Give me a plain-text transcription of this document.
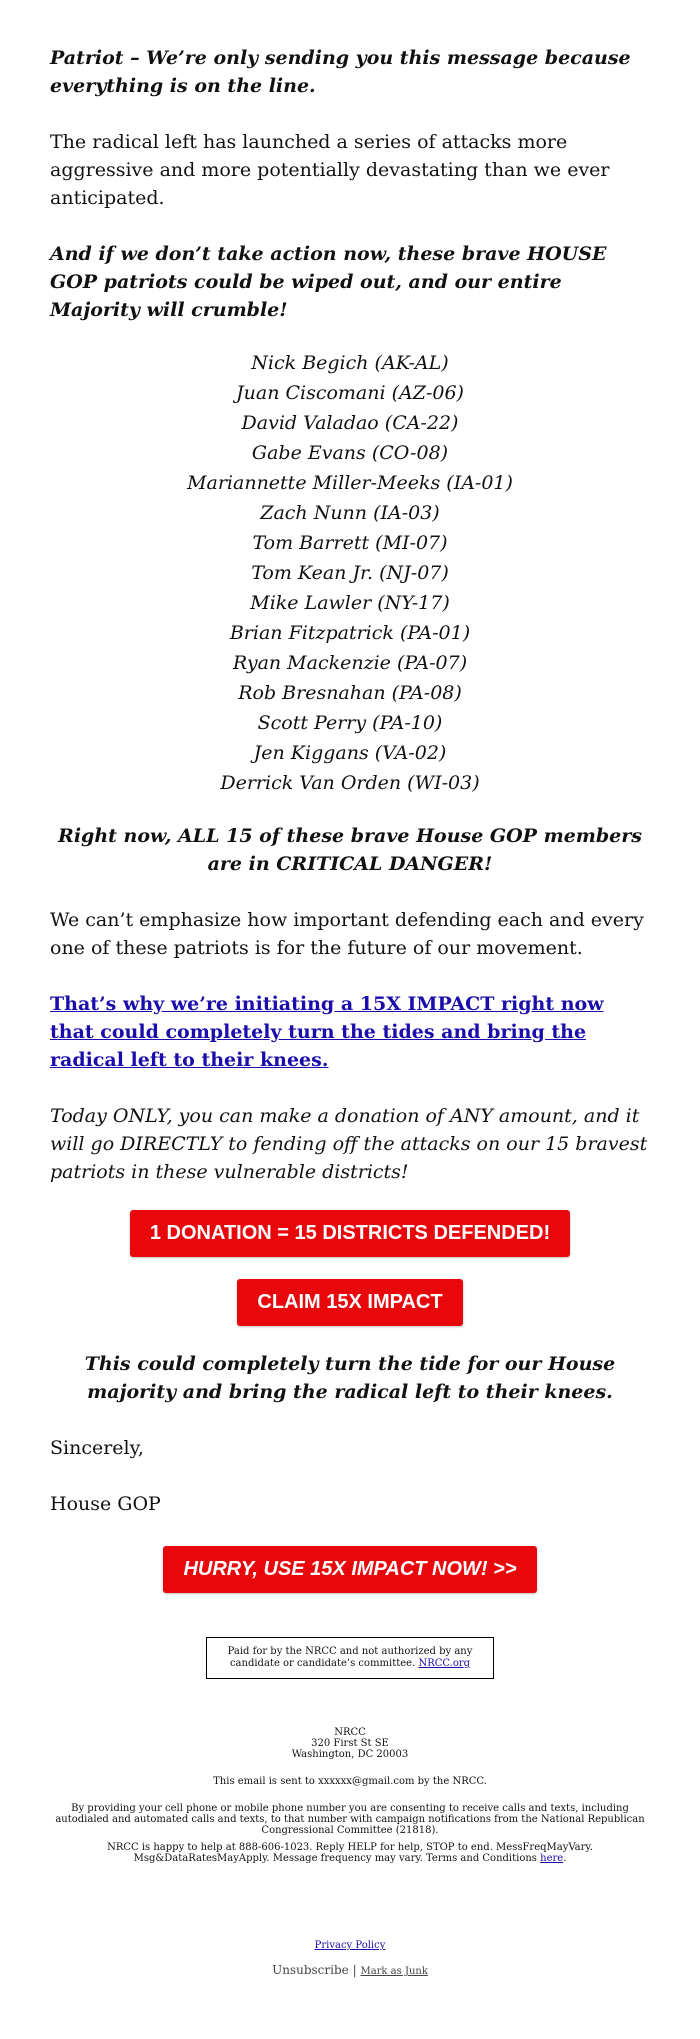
Patriot – We’re only sending you this message because everything is on the line.

The radical left has launched a series of attacks more aggressive and more potentially devastating than we ever anticipated.

And if we don’t take action now, these brave HOUSE GOP patriots could be wiped out, and our entire Majority will crumble!

Nick Begich (AK-AL)
Juan Ciscomani (AZ-06)
David Valadao (CA-22)
Gabe Evans (CO-08)
Mariannette Miller-Meeks (IA-01)
Zach Nunn (IA-03)
Tom Barrett (MI-07)
Tom Kean Jr. (NJ-07)
Mike Lawler (NY-17)
Brian Fitzpatrick (PA-01)
Ryan Mackenzie (PA-07)
Rob Bresnahan (PA-08)
Scott Perry (PA-10)
Jen Kiggans (VA-02)
Derrick Van Orden (WI-03)

Right now, ALL 15 of these brave House GOP members are in CRITICAL DANGER!

We can’t emphasize how important defending each and every one of these patriots is for the future of our movement.

That’s why we’re initiating a 15X IMPACT right now that could completely turn the tides and bring the radical left to their knees.

Today ONLY, you can make a donation of ANY amount, and it will go DIRECTLY to fending off the attacks on our 15 bravest patriots in these vulnerable districts!

1 DONATION = 15 DISTRICTS DEFENDED!
CLAIM 15X IMPACT

This could completely turn the tide for our House majority and bring the radical left to their knees.

Sincerely,

House GOP

HURRY, USE 15X IMPACT NOW! >>
Paid for by the NRCC and not authorized by any candidate or candidate’s committee. NRCC.org
NRCC
320 First St SE
Washington, DC 20003
This email is sent to xxxxxx@gmail.com by the NRCC.
By providing your cell phone or mobile phone number you are consenting to receive calls and texts, including autodialed and automated calls and texts, to that number with campaign notifications from the National Republican Congressional Committee (21818).
NRCC is happy to help at 888-606-1023. Reply HELP for help, STOP to end. MessFreqMayVary. Msg&DataRatesMayApply. Message frequency may vary. Terms and Conditions here.
Privacy Policy
Unsubscribe | Mark as Junk
